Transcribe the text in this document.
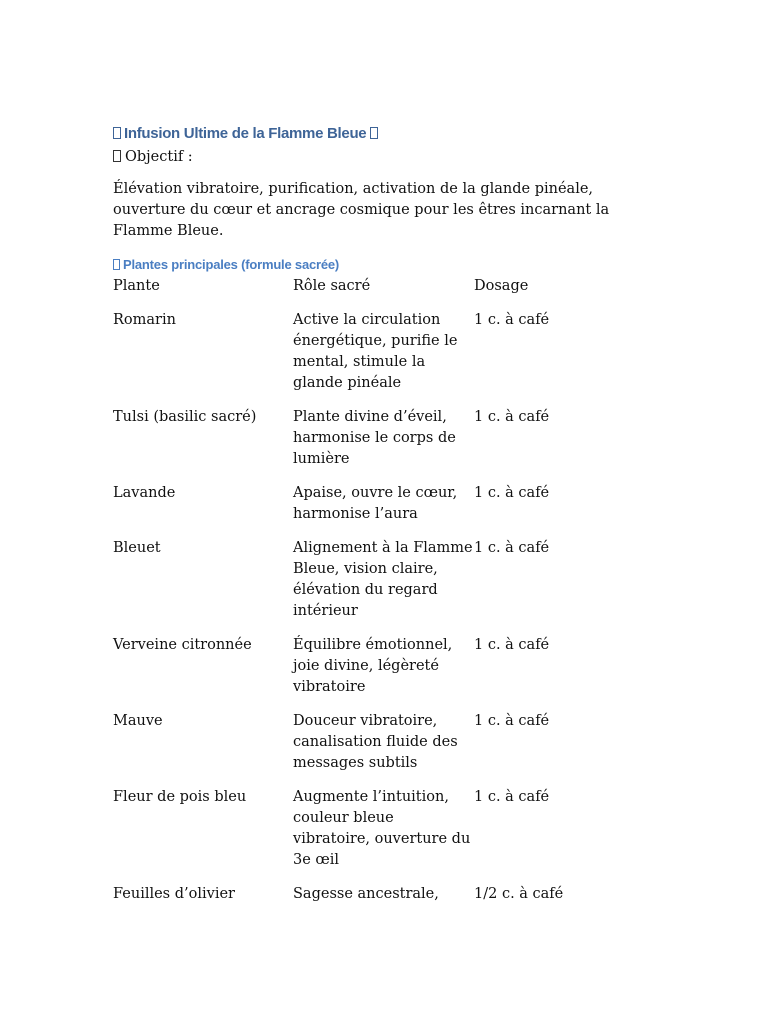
Infusion Ultime de la Flamme Bleue
Objectif :
Élévation vibratoire, purification, activation de la glande pinéale, ouverture du cœur et ancrage cosmique pour les êtres incarnant la Flamme Bleue.
Plantes principales (formule sacrée)
Plante	Rôle sacré	Dosage
Romarin	Active la circulation énergétique, purifie le mental, stimule la glande pinéale	1 c. à café
Tulsi (basilic sacré)	Plante divine d’éveil, harmonise le corps de lumière	1 c. à café
Lavande	Apaise, ouvre le cœur, harmonise l’aura	1 c. à café
Bleuet	Alignement à la Flamme Bleue, vision claire, élévation du regard intérieur	1 c. à café
Verveine citronnée	Équilibre émotionnel, joie divine, légèreté vibratoire	1 c. à café
Mauve	Douceur vibratoire, canalisation fluide des messages subtils	1 c. à café
Fleur de pois bleu	Augmente l’intuition, couleur bleue vibratoire, ouverture du 3e œil	1 c. à café
Feuilles d’olivier	Sagesse ancestrale,	1/2 c. à café
